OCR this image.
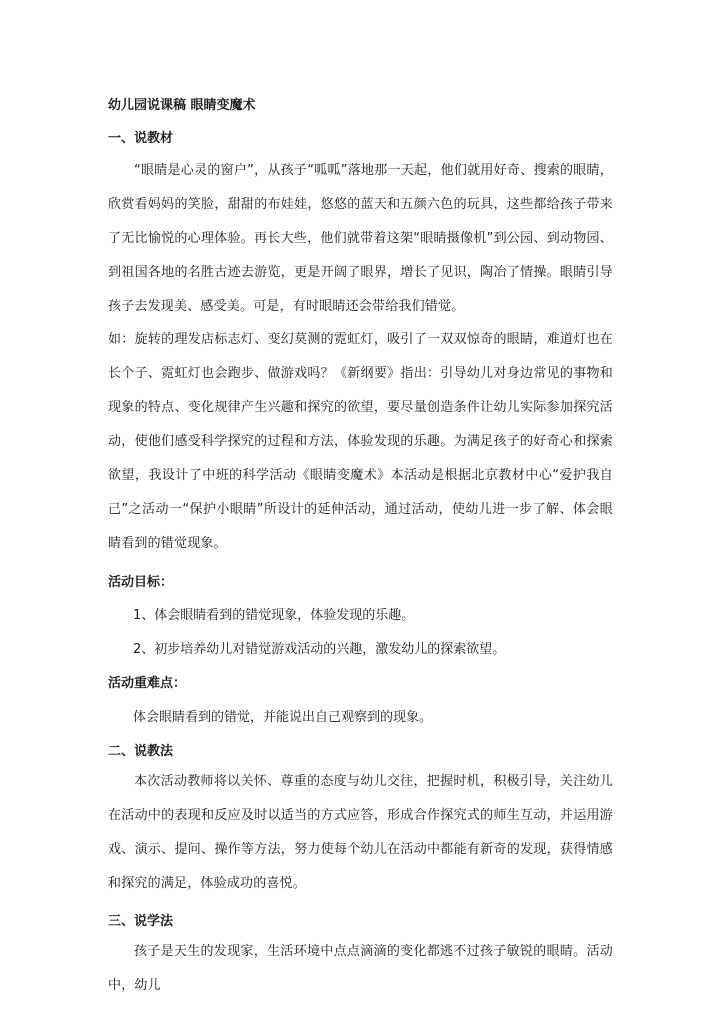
幼儿园说课稿 眼睛变魔术

一、说教材

“眼睛是心灵的窗户”，从孩子“呱呱”落地那一天起，他们就用好奇、搜索的眼睛，欣赏看妈妈的笑脸，甜甜的布娃娃，悠悠的蓝天和五颜六色的玩具，这些都给孩子带来了无比愉悦的心理体验。再长大些，他们就带着这架“眼睛摄像机”到公园、到动物园、到祖国各地的名胜古迹去游览，更是开阔了眼界，增长了见识，陶冶了情操。眼睛引导孩子去发现美、感受美。可是，有时眼睛还会带给我们错觉。

如：旋转的理发店标志灯、变幻莫测的霓虹灯，吸引了一双双惊奇的眼睛，难道灯也在长个子、霓虹灯也会跑步、做游戏吗？《新纲要》指出：引导幼儿对身边常见的事物和现象的特点、变化规律产生兴趣和探究的欲望，要尽量创造条件让幼儿实际参加探究活动，使他们感受科学探究的过程和方法，体验发现的乐趣。为满足孩子的好奇心和探索欲望，我设计了中班的科学活动《眼睛变魔术》本活动是根据北京教材中心“爱护我自己”之活动一“保护小眼睛”所设计的延伸活动，通过活动，使幼儿进一步了解、体会眼睛看到的错觉现象。

活动目标：

1、体会眼睛看到的错觉现象，体验发现的乐趣。

2、初步培养幼儿对错觉游戏活动的兴趣，激发幼儿的探索欲望。

活动重难点：

体会眼睛看到的错觉，并能说出自己观察到的现象。

二、说教法

本次活动教师将以关怀、尊重的态度与幼儿交往，把握时机，积极引导，关注幼儿在活动中的表现和反应及时以适当的方式应答，形成合作探究式的师生互动，并运用游戏、演示、提问、操作等方法，努力使每个幼儿在活动中都能有新奇的发现，获得情感和探究的满足，体验成功的喜悦。

三、说学法

孩子是天生的发现家，生活环境中点点滴滴的变化都逃不过孩子敏锐的眼睛。活动中，幼儿
